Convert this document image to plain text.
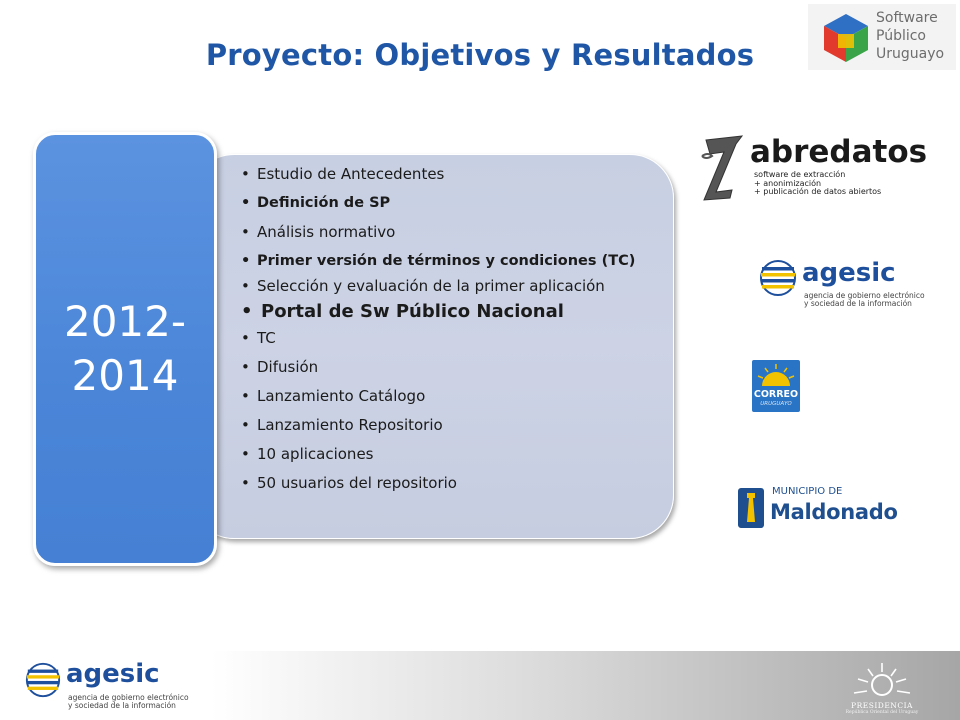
Proyecto: Objetivos y Resultados
Software
Público
Uruguayo
• Estudio de Antecedentes
• Definición de SP
• Análisis normativo
• Primer versión de términos y condiciones (TC)
• Selección y evaluación de la primer aplicación
• Portal de Sw Público Nacional
• TC
• Difusión
• Lanzamiento Catálogo
• Lanzamiento Repositorio
• 10 aplicaciones
• 50 usuarios del repositorio
2012-
2014
abredatos
software de extracción
+ anonimización
+ publicación de datos abiertos
agesic
agencia de gobierno electrónico
y sociedad de la información
CORREO
URUGUAYO
MUNICIPIO DE
Maldonado
agesic
agencia de gobierno electrónico
y sociedad de la información	PRESIDENCIA
República Oriental del Uruguay
